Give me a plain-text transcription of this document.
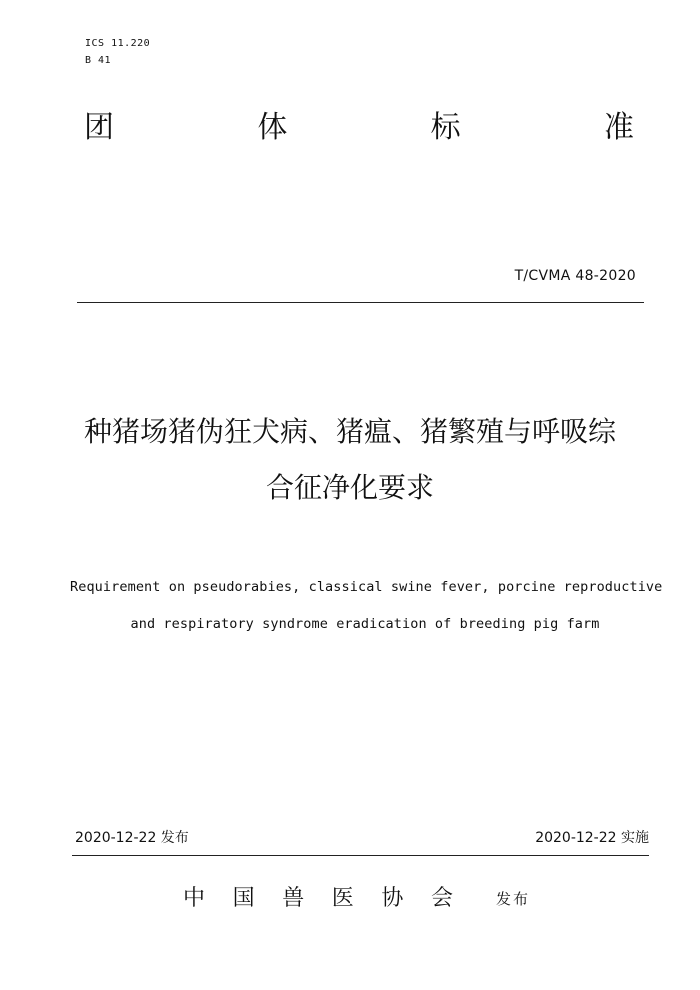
ICS 11.220
B 41
团	体	标	准
T/CVMA 48-2020
种猪场猪伪狂犬病、猪瘟、猪繁殖与呼吸综
合征净化要求
Requirement on pseudorabies, classical swine fever, porcine reproductive
and respiratory syndrome eradication of breeding pig farm
2020-12-22 发布	2020-12-22 实施
中 国 兽 医 协 会	发布
